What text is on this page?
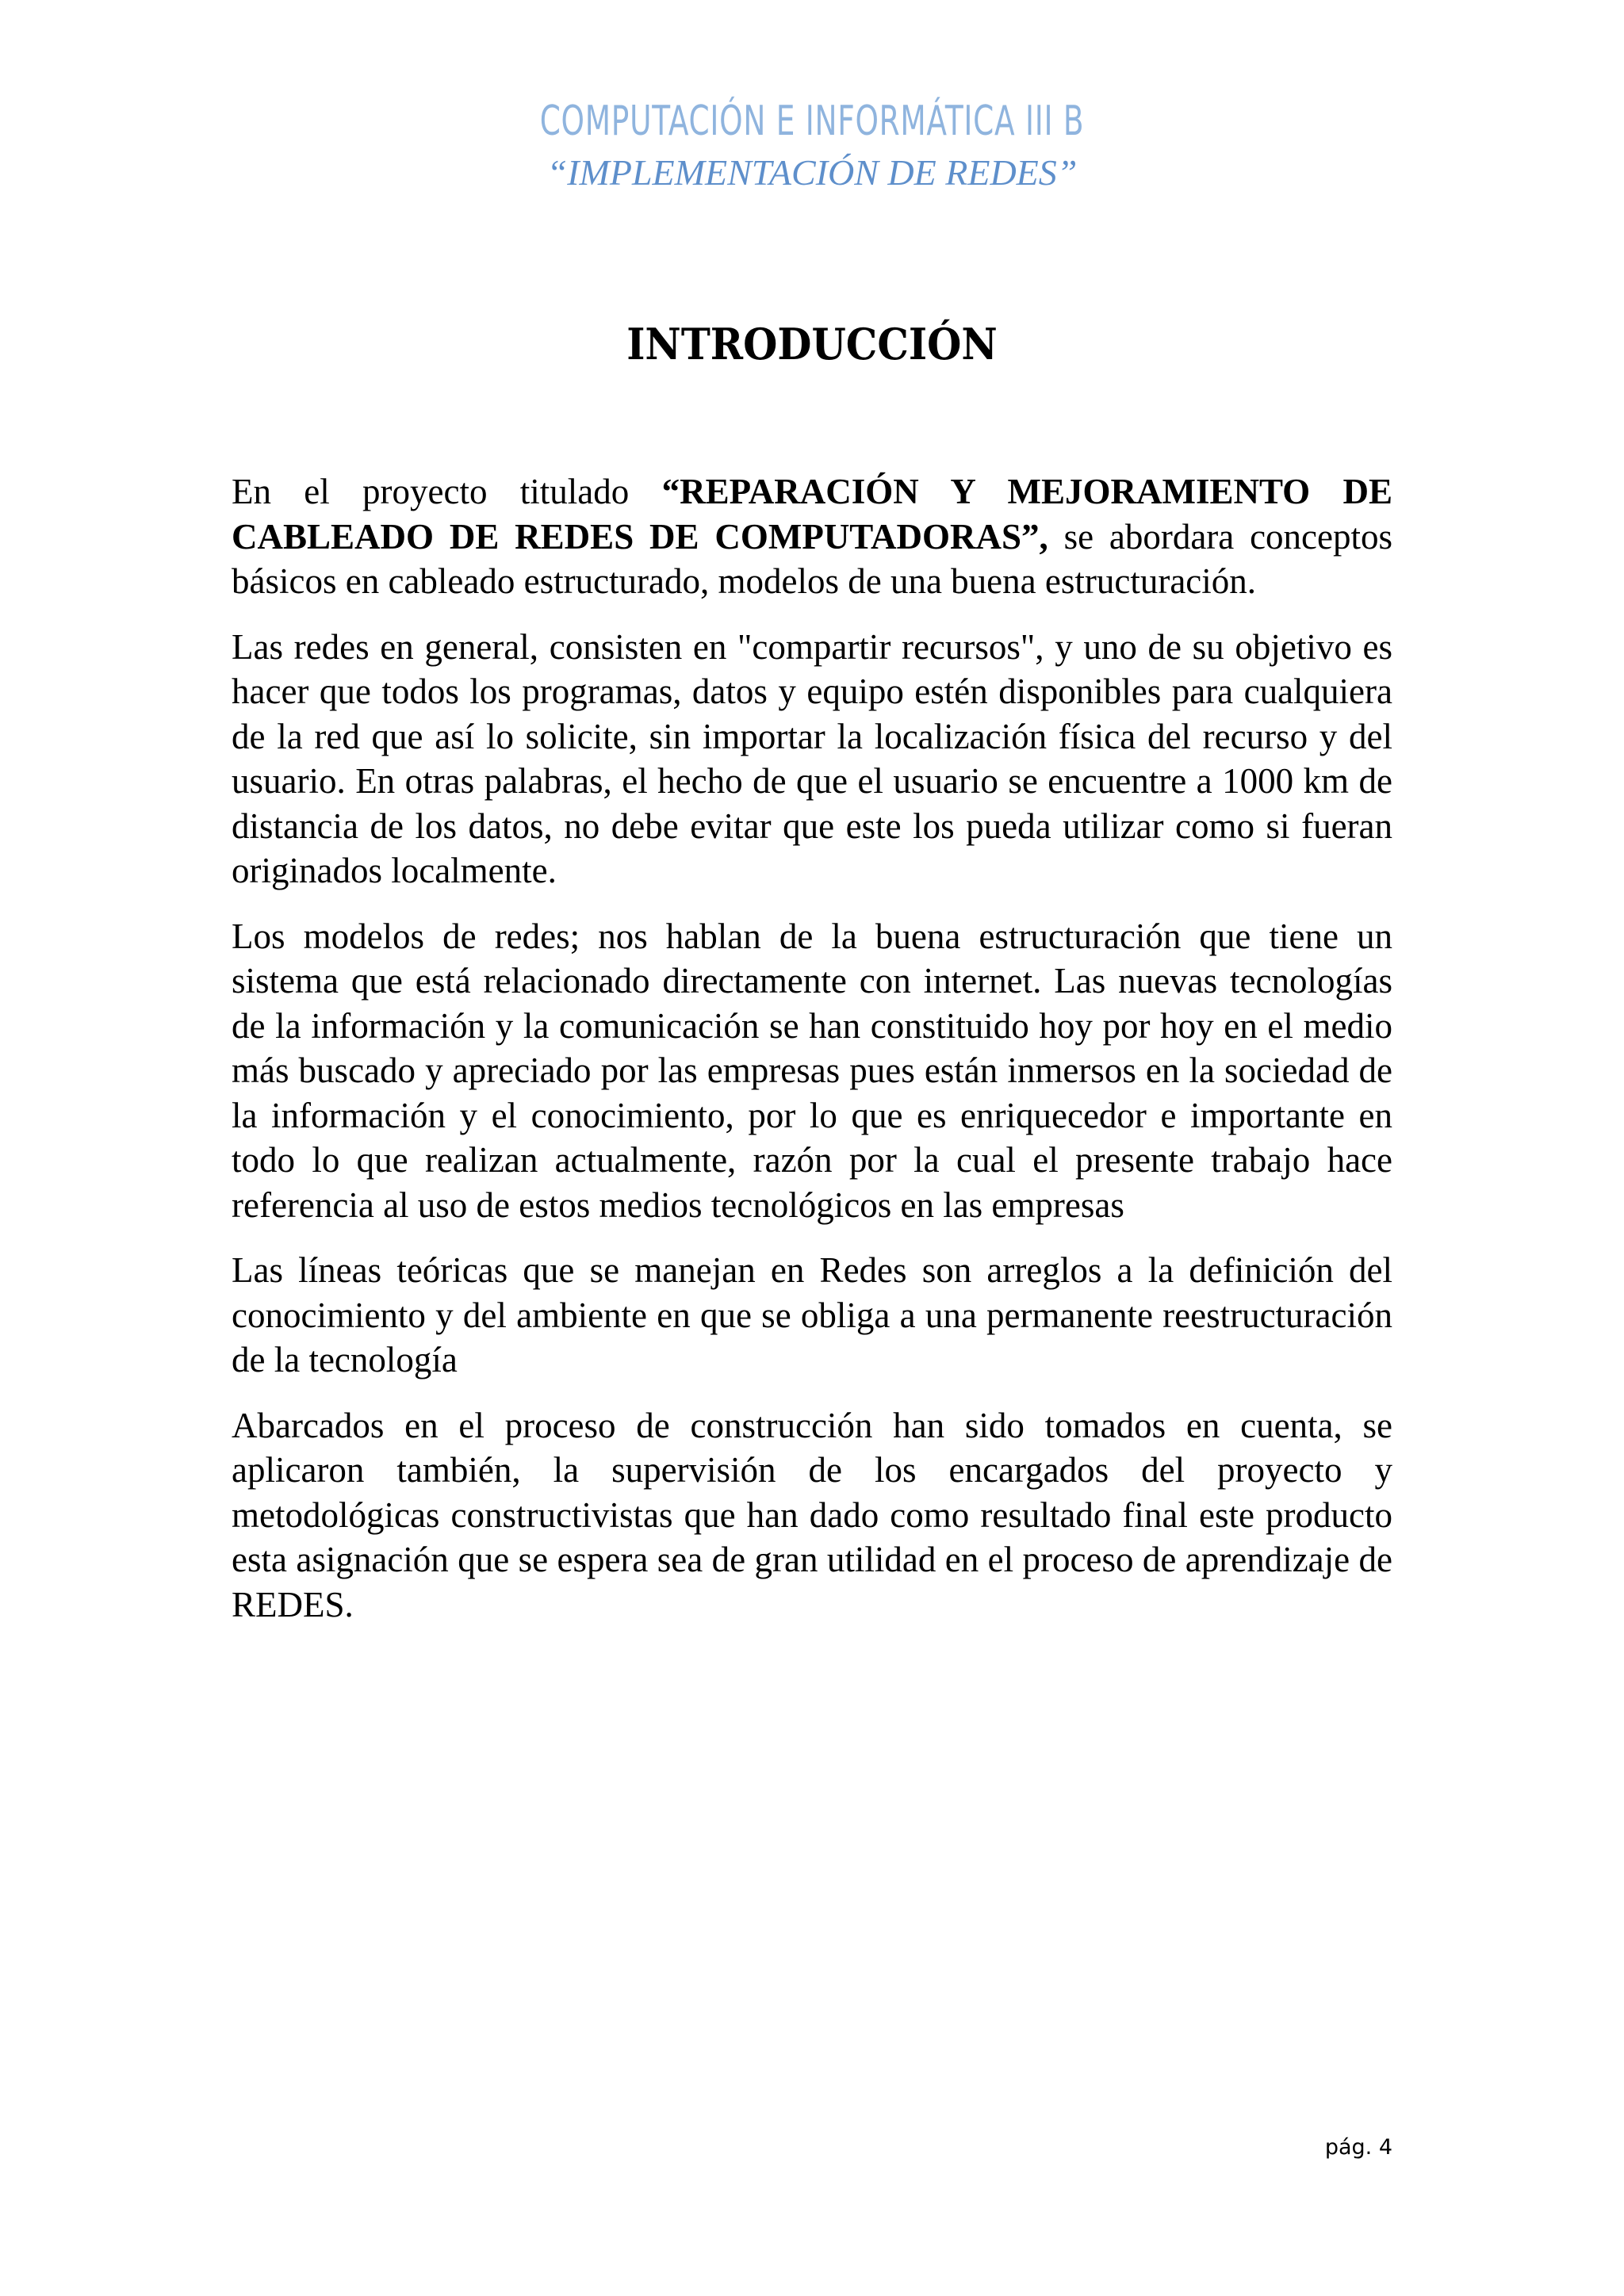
COMPUTACIÓN E INFORMÁTICA III B
“IMPLEMENTACIÓN DE REDES”
INTRODUCCIÓN

En el proyecto titulado “REPARACIÓN Y MEJORAMIENTO DE CABLEADO DE REDES DE COMPUTADORAS”, se abordara conceptos básicos en cableado estructurado, modelos de una buena estructuración.

Las redes en general, consisten en "compartir recursos", y uno de su objetivo es hacer que todos los programas, datos y equipo estén disponibles para cualquiera de la red que así lo solicite, sin importar la localización física del recurso y del usuario. En otras palabras, el hecho de que el usuario se encuentre a 1000 km de distancia de los datos, no debe evitar que este los pueda utilizar como si fueran originados localmente.

Los modelos de redes; nos hablan de la buena estructuración que tiene un sistema que está relacionado directamente con internet. Las nuevas tecnologías de la información y la comunicación se han constituido hoy por hoy en el medio más buscado y apreciado por las empresas pues están inmersos en la sociedad de la información y el conocimiento, por lo que es enriquecedor e importante en todo lo que realizan actualmente, razón por la cual el presente trabajo hace referencia al uso de estos medios tecnológicos en las empresas

Las líneas teóricas que se manejan en Redes son arreglos a la definición del conocimiento y del ambiente en que se obliga a una permanente reestructuración de la tecnología

Abarcados en el proceso de construcción han sido tomados en cuenta, se aplicaron también, la supervisión de los encargados del proyecto y metodológicas constructivistas que han dado como resultado final este producto esta asignación que se espera sea de gran utilidad en el proceso de aprendizaje de REDES.

pág. 4
